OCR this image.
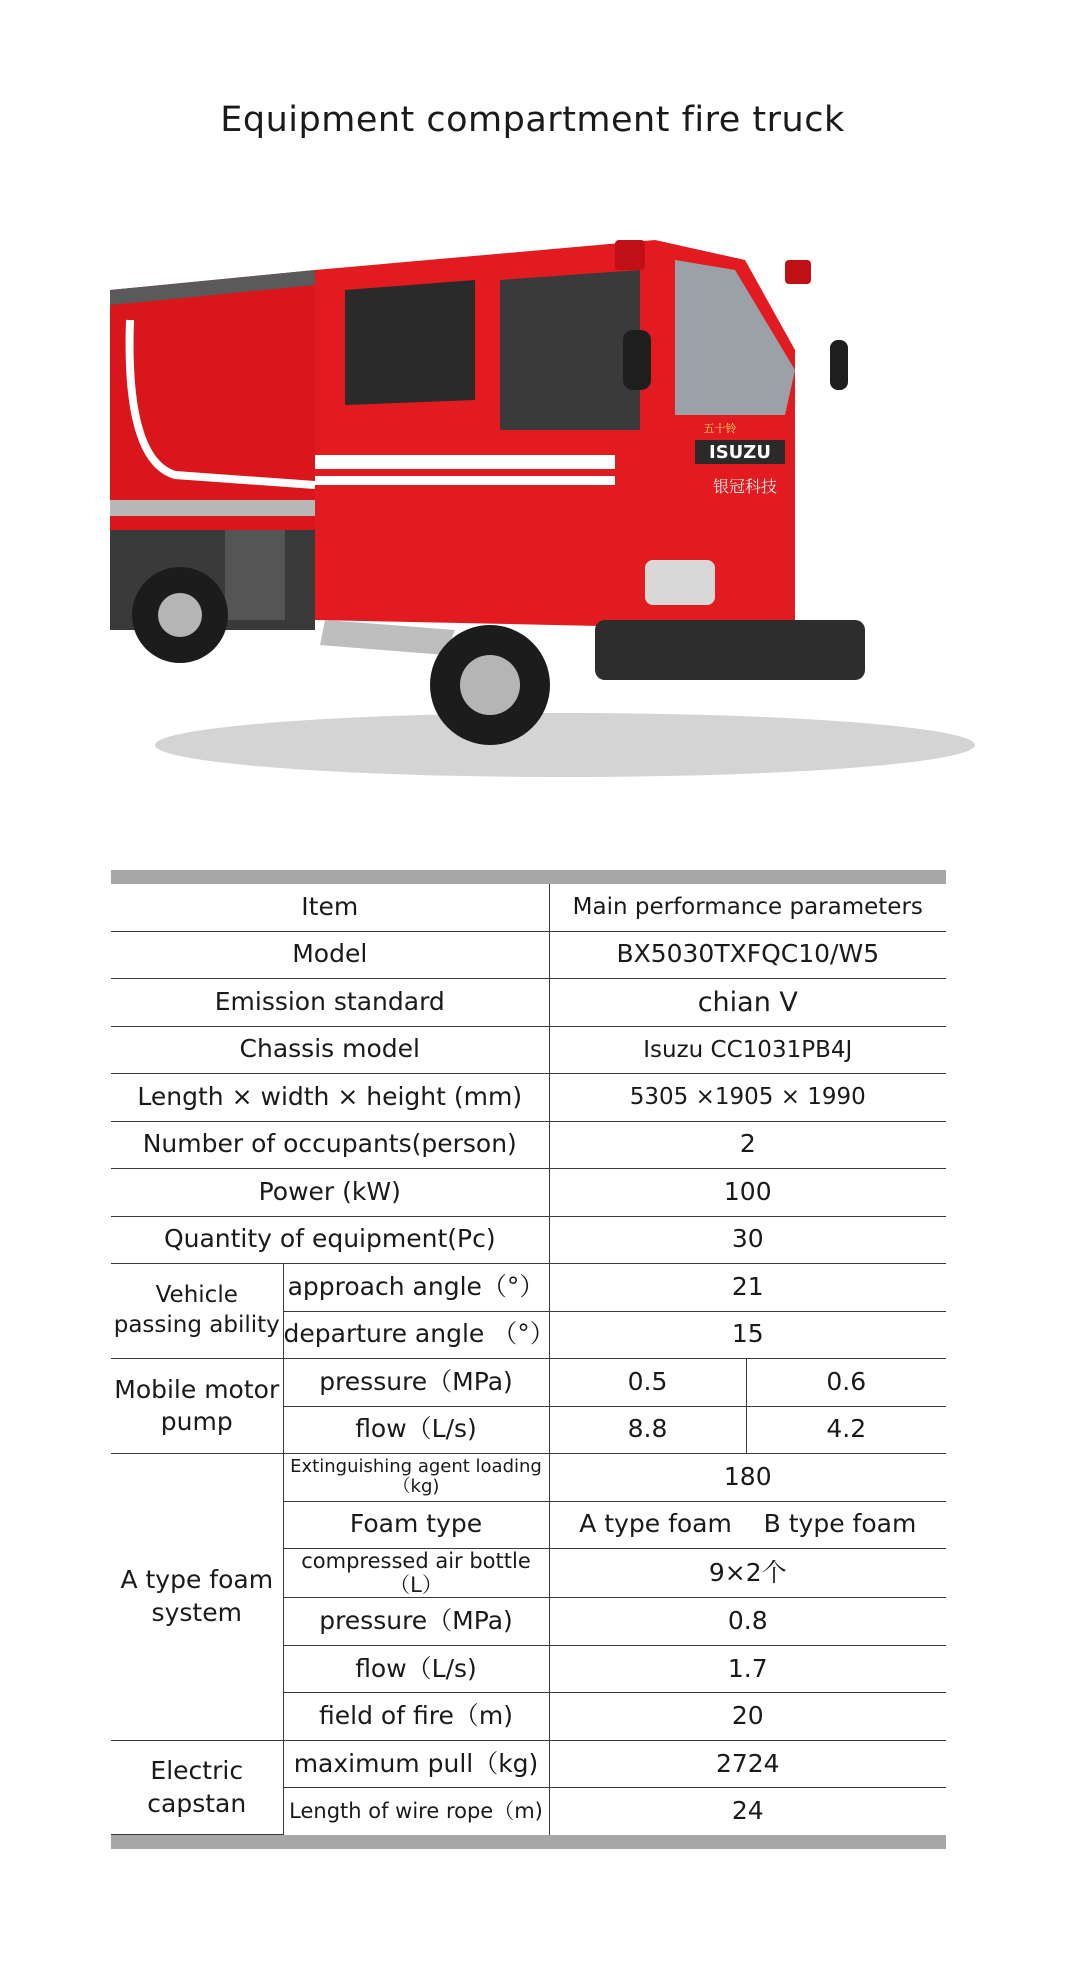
Equipment compartment fire truck
ISUZU
五十铃
银冠科技
Item		Main performance parameters	
Model		BX5030TXFQC10/W5	
Emission standard		chian Ⅴ	
Chassis model		Isuzu CC1031PB4J	
Length × width × height (mm)		5305 ×1905 × 1990	
Number of occupants(person)		2	
Power (kW)		100	
Quantity of equipment(Pc)		30	
Vehicle passing ability	approach angle（°）	21	
	departure angle （°）	15	
Mobile motor pump	pressure（MPa)	0.5	0.6
	flow（L/s)	8.8	4.2
A type foam system	Extinguishing agent loading（kg)	180	
	Foam type	A type foam    B type foam	
	compressed air bottle（L）	9×2个	
	pressure（MPa)	0.8	
	flow（L/s)	1.7	
	field of fire（m)	20	
Electric capstan	maximum pull（kg)	2724	
	Length of wire rope（m)	24	
